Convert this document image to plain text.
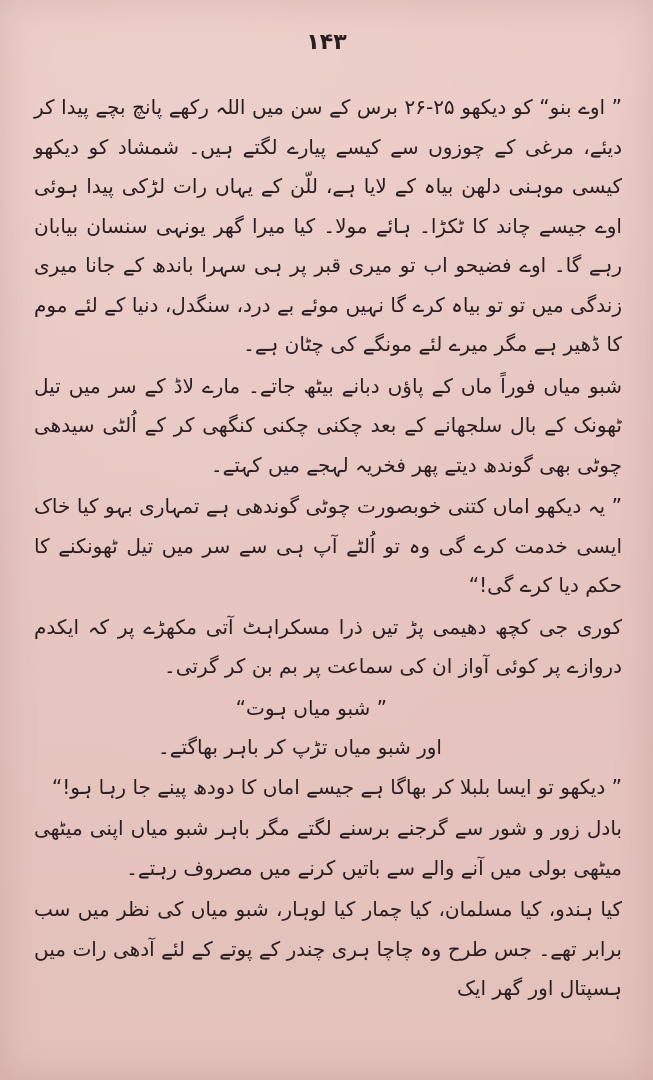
۱۴۳

” اوے بنو“ کو دیکھو ۲۵-۲۶ برس کے سن میں اللہ رکھے پانچ بچے پیدا کر دیئے، مرغی کے چوزوں سے کیسے پیارے لگتے ہیں۔ شمشاد کو دیکھو کیسی موہنی دلھن بیاہ کے لایا ہے، للّن کے یہاں رات لڑکی پیدا ہوئی اوے جیسے چاند کا ٹکڑا۔ ہائے مولا۔ کیا میرا گھر یونہی سنسان بیابان رہے گا۔ اوے فضیحو اب تو میری قبر پر ہی سہرا باندھ کے جانا میری زندگی میں تو تو بیاہ کرے گا نہیں موئے بے درد، سنگدل، دنیا کے لئے موم کا ڈھیر ہے مگر میرے لئے مونگے کی چٹان ہے۔

شبو میاں فوراً ماں کے پاؤں دبانے بیٹھ جاتے۔ مارے لاڈ کے سر میں تیل ٹھونک کے بال سلجھانے کے بعد چکنی چکنی کنگھی کر کے اُلٹی سیدھی چوٹی بھی گوندھ دیتے پھر فخریہ لہجے میں کہتے۔

” یہ دیکھو اماں کتنی خوبصورت چوٹی گوندھی ہے تمہاری بہو کیا خاک ایسی خدمت کرے گی وہ تو اُلٹے آپ ہی سے سر میں تیل ٹھونکنے کا حکم دیا کرے گی!“

کوری جی کچھ دھیمی پڑ تیں ذرا مسکراہٹ آتی مکھڑے پر کہ ایکدم دروازے پر کوئی آواز ان کی سماعت پر بم بن کر گرتی۔

” شبو میاں ہوت“

اور شبو میاں تڑپ کر باہر بھاگتے۔

” دیکھو تو ایسا بلبلا کر بھاگا ہے جیسے اماں کا دودھ پینے جا رہا ہو!“

بادل زور و شور سے گرجنے برسنے لگتے مگر باہر شبو میاں اپنی میٹھی میٹھی بولی میں آنے والے سے باتیں کرنے میں مصروف رہتے۔

کیا ہندو، کیا مسلمان، کیا چمار کیا لوہار، شبو میاں کی نظر میں سب برابر تھے۔ جس طرح وہ چاچا ہری چندر کے پوتے کے لئے آدھی رات میں ہسپتال اور گھر ایک
